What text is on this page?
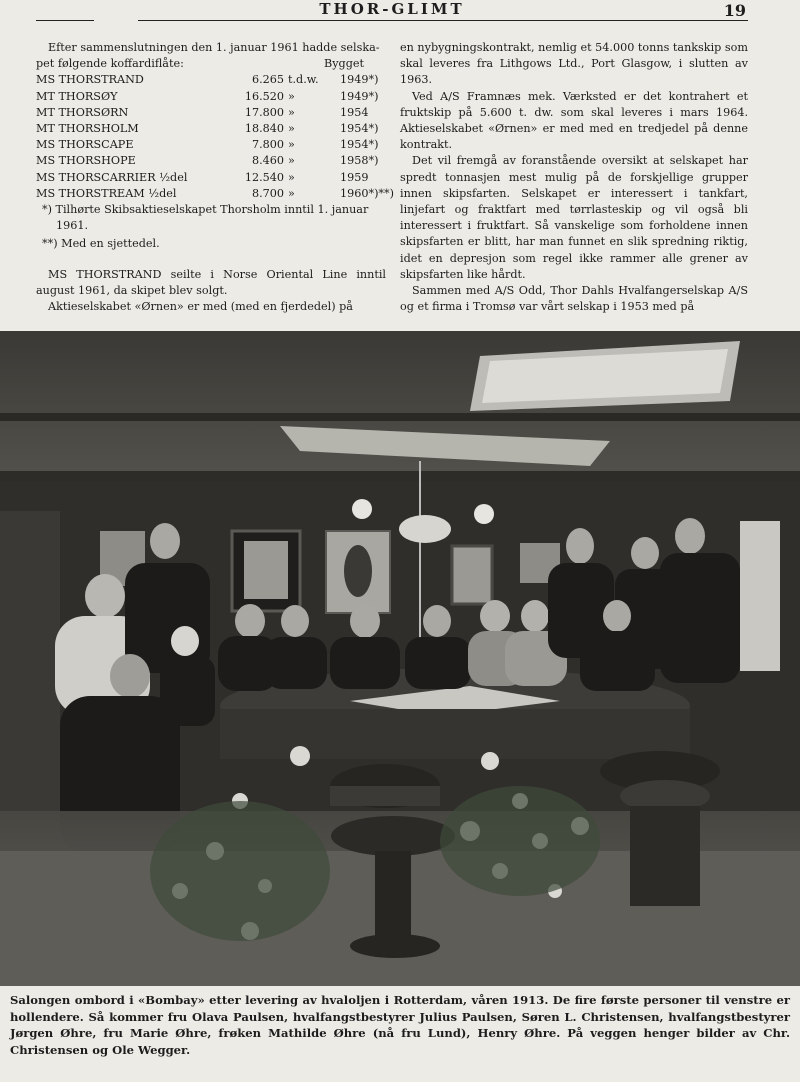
THOR-GLIMT	19

Efter sammenslutningen den 1. januar 1961 hadde selska-

pet følgende koffardiflåte:	Bygget
MS THORSTRAND	6.265 t.d.w.	1949*)
MT THORSØY	16.520 »	1949*)
MT THORSØRN	17.800 »	1954
MT THORSHOLM	18.840 »	1954*)
MS THORSCAPE	7.800 »	1954*)
MS THORSHOPE	8.460 »	1958*)
MS THORSCARRIER ½del	12.540 »	1959
MS THORSTREAM ½del	8.700 »	1960*)**)

*) Tilhørte Skibsaktieselskapet Thorsholm inntil 1. januar

1961.

**) Med en sjettedel.

MS THORSTRAND seilte i Norse Oriental Line inntil august 1961, da skipet blev solgt.

Aktieselskabet «Ørnen» er med (med en fjerdedel) på

en nybygningskontrakt, nemlig et 54.000 tonns tankskip som skal leveres fra Lithgows Ltd., Port Glasgow, i slutten av 1963.

Ved A/S Framnæs mek. Værksted er det kontrahert et fruktskip på 5.600 t. dw. som skal leveres i mars 1964. Aktieselskabet «Ørnen» er med med en tredjedel på denne kontrakt.

Det vil fremgå av foranstående oversikt at selskapet har spredt tonnasjen mest mulig på de forskjellige grupper innen skipsfarten. Selskapet er interessert i tankfart, linjefart og fraktfart med tørrlasteskip og vil også bli interessert i fruktfart. Så vanskelige som forholdene innen skipsfarten er blitt, har man funnet en slik spredning riktig, idet en depresjon som regel ikke rammer alle grener av skipsfarten like hårdt.

Sammen med A/S Odd, Thor Dahls Hvalfangerselskap A/S og et firma i Tromsø var vårt selskap i 1953 med på

Salongen ombord i «Bombay» etter levering av hvaloljen i Rotterdam, våren 1913. De fire første personer til venstre er hollendere. Så kommer fru Olava Paulsen, hvalfangstbestyrer Julius Paulsen, Søren L. Christensen, hvalfangstbestyrer Jørgen Øhre, fru Marie Øhre, frøken Mathilde Øhre (nå fru Lund), Henry Øhre. På veggen henger bilder av Chr. Christensen og Ole Wegger.
